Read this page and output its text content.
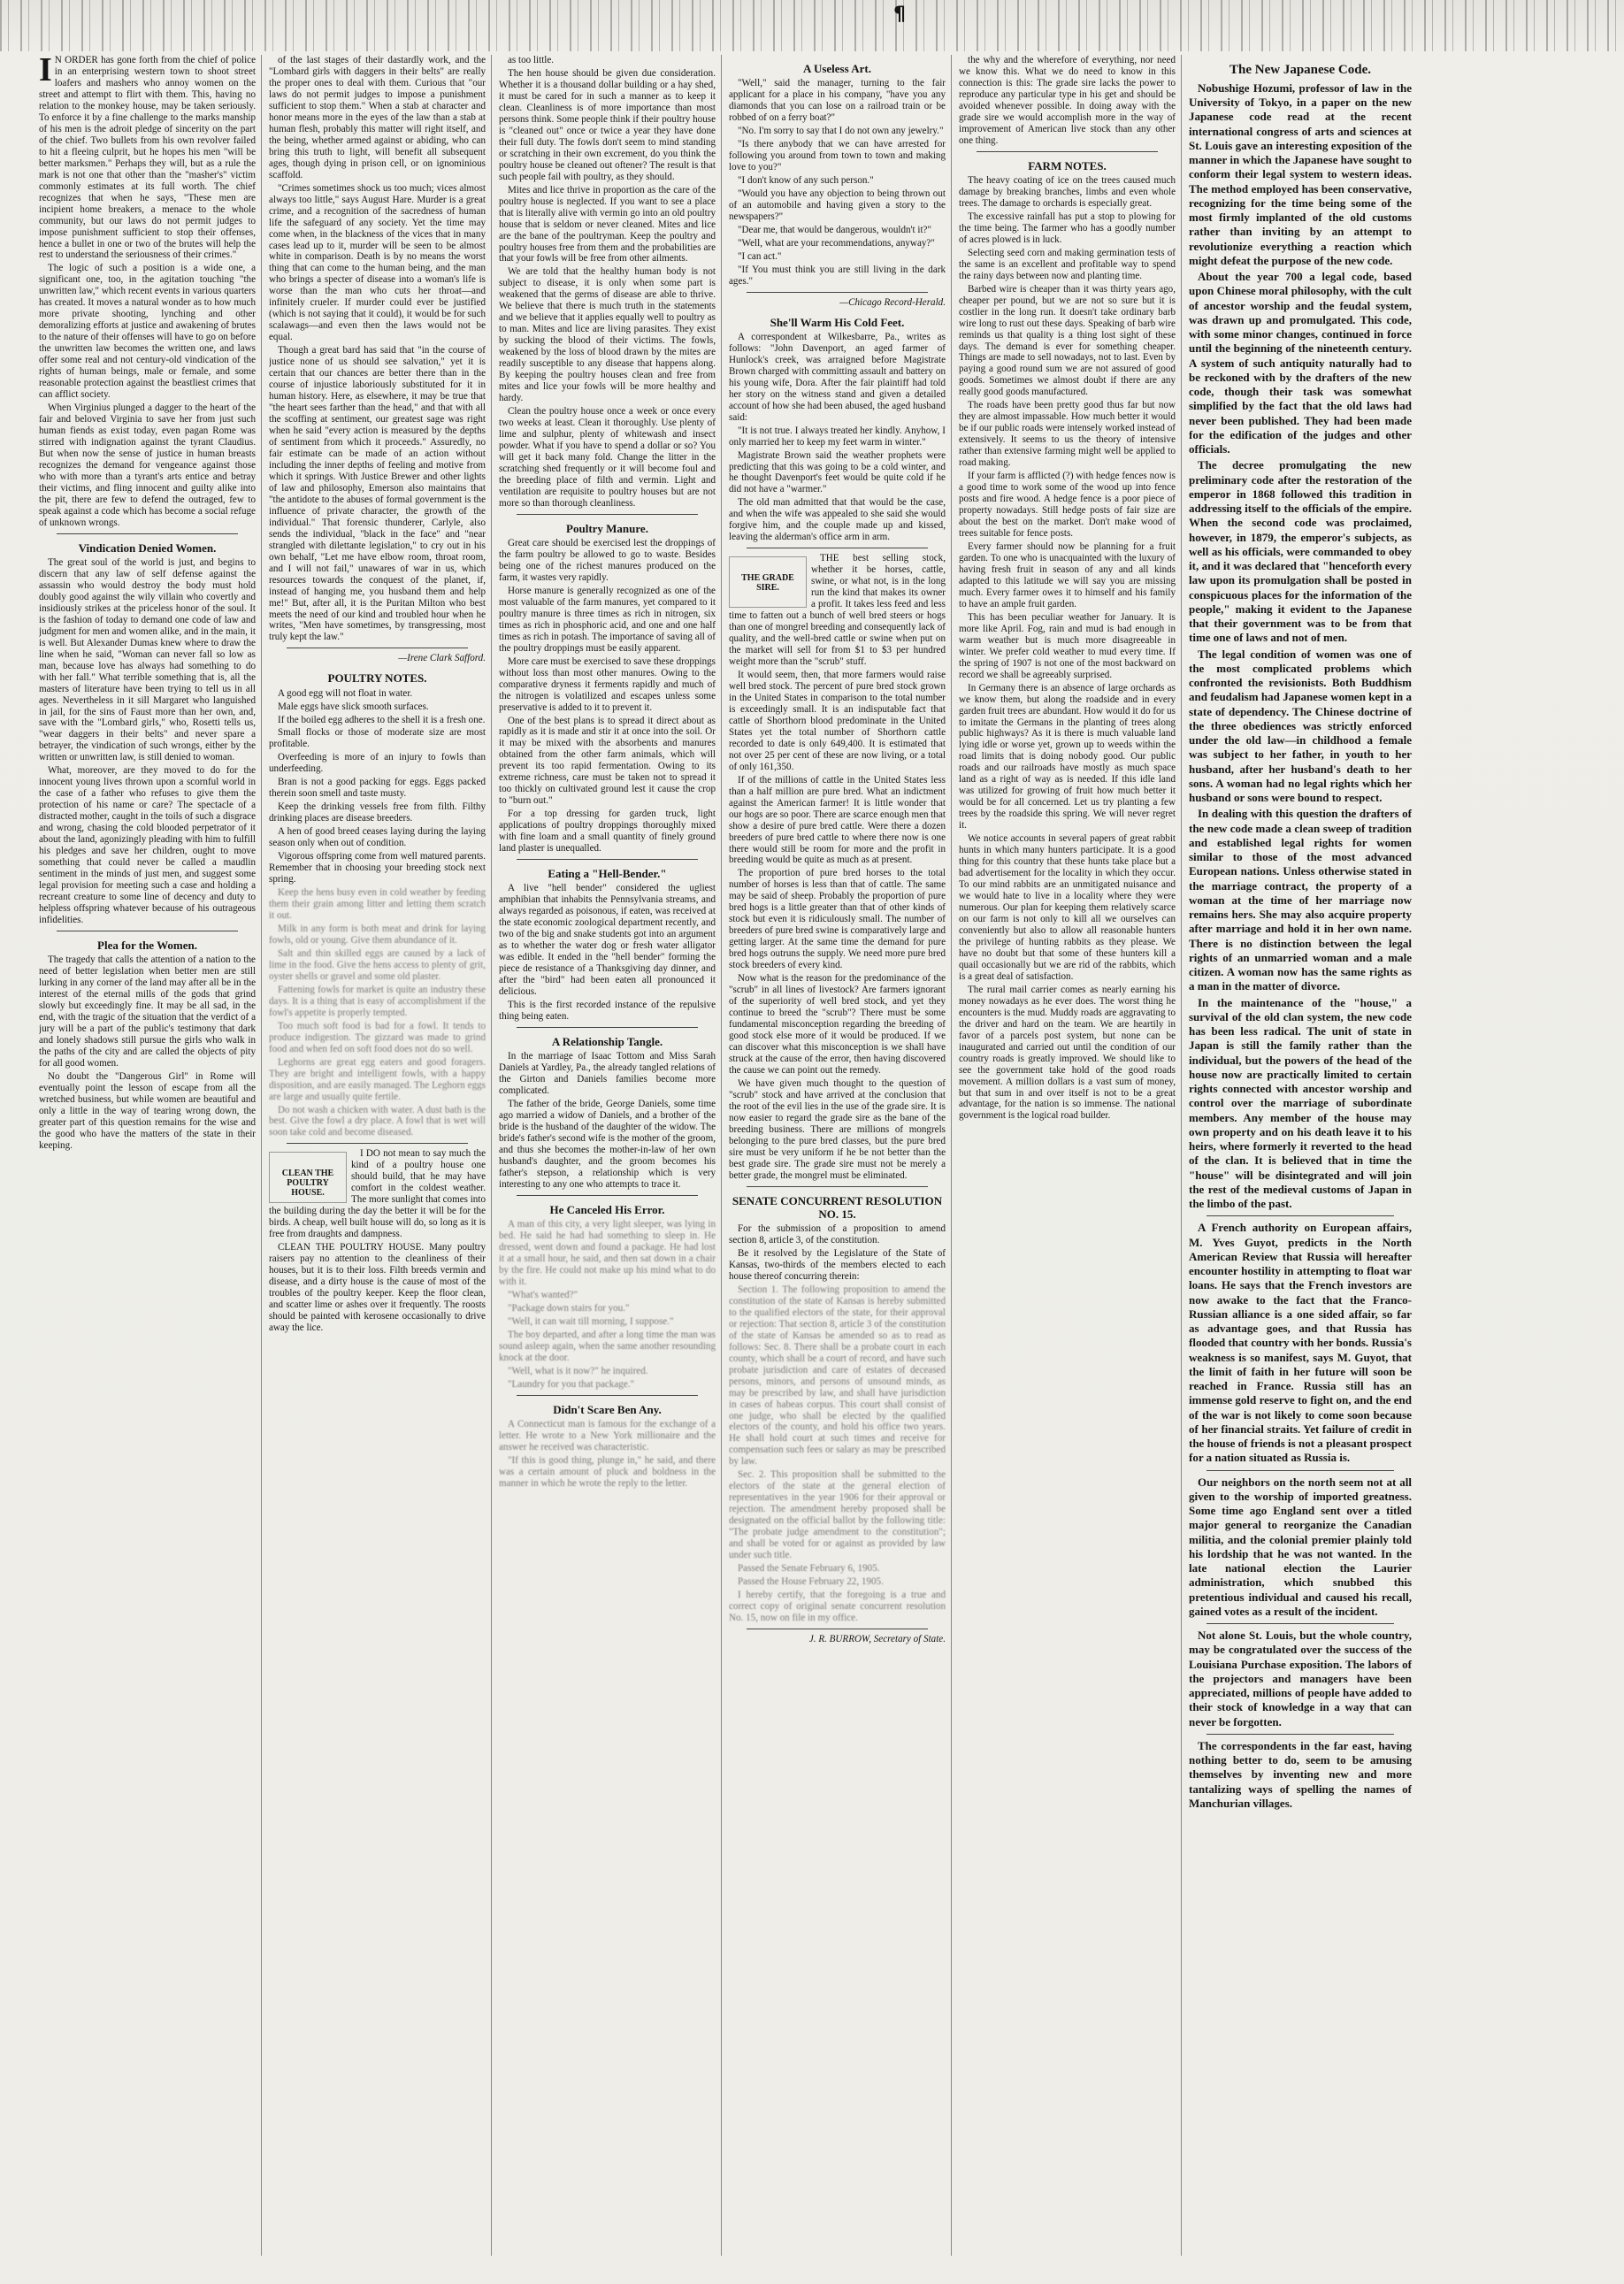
¶

I N ORDER has gone forth from the chief of police in an enterprising western town to shoot street loafers and mashers who annoy women on the street and attempt to flirt with them. This, having no relation to the monkey house, may be taken seriously. To enforce it by a fine challenge to the marks manship of his men is the adroit pledge of sincerity on the part of the chief. Two bullets from his own revolver failed to hit a fleeing culprit, but he hopes his men "will be better marksmen." Perhaps they will, but as a rule the mark is not one that other than the "masher's" victim commonly estimates at its full worth. The chief recognizes that when he says, "These men are incipient home breakers, a menace to the whole community, but our laws do not permit judges to impose punishment sufficient to stop their offenses, hence a bullet in one or two of the brutes will help the rest to understand the seriousness of their crimes."

The logic of such a position is a wide one, a significant one, too, in the agitation touching "the unwritten law," which recent events in various quarters has created. It moves a natural wonder as to how much more private shooting, lynching and other demoralizing efforts at justice and awakening of brutes to the nature of their offenses will have to go on before the unwritten law becomes the written one, and laws offer some real and not century-old vindication of the rights of human beings, male or female, and some reasonable protection against the beastliest crimes that can afflict society.

When Virginius plunged a dagger to the heart of the fair and beloved Virginia to save her from just such human fiends as exist today, even pagan Rome was stirred with indignation against the tyrant Claudius. But when now the sense of justice in human breasts recognizes the demand for vengeance against those who with more than a tyrant's arts entice and betray their victims, and fling innocent and guilty alike into the pit, there are few to defend the outraged, few to speak against a code which has become a social refuge of unknown wrongs.

Vindication Denied Women.

The great soul of the world is just, and begins to discern that any law of self defense against the assassin who would destroy the body must hold doubly good against the wily villain who covertly and insidiously strikes at the priceless honor of the soul. It is the fashion of today to demand one code of law and judgment for men and women alike, and in the main, it is well. But Alexander Dumas knew where to draw the line when he said, "Woman can never fall so low as man, because love has always had something to do with her fall." What terrible something that is, all the masters of literature have been trying to tell us in all ages. Nevertheless in it sill Margaret who languished in jail, for the sins of Faust more than her own, and, save with the "Lombard girls," who, Rosetti tells us, "wear daggers in their belts" and never spare a betrayer, the vindication of such wrongs, either by the written or unwritten law, is still denied to woman.

What, moreover, are they moved to do for the innocent young lives thrown upon a scornful world in the case of a father who refuses to give them the protection of his name or care? The spectacle of a distracted mother, caught in the toils of such a disgrace and wrong, chasing the cold blooded perpetrator of it about the land, agonizingly pleading with him to fulfill his pledges and save her children, ought to move something that could never be called a maudlin sentiment in the minds of just men, and suggest some legal provision for meeting such a case and holding a recreant creature to some line of decency and duty to helpless offspring whatever because of his outrageous infidelities.

Plea for the Women.

The tragedy that calls the attention of a nation to the need of better legislation when better men are still lurking in any corner of the land may after all be in the interest of the eternal mills of the gods that grind slowly but exceedingly fine. It may be all sad, in the end, with the tragic of the situation that the verdict of a jury will be a part of the public's testimony that dark and lonely shadows still pursue the girls who walk in the paths of the city and are called the objects of pity for all good women.

No doubt the "Dangerous Girl" in Rome will eventually point the lesson of escape from all the wretched business, but while women are beautiful and only a little in the way of tearing wrong down, the greater part of this question remains for the wise and the good who have the matters of the state in their keeping.

of the last stages of their dastardly work, and the "Lombard girls with daggers in their belts" are really the proper ones to deal with them. Curious that "our laws do not permit judges to impose a punishment sufficient to stop them." When a stab at character and honor means more in the eyes of the law than a stab at human flesh, probably this matter will right itself, and the being, whether armed against or abiding, who can bring this truth to light, will benefit all subsequent ages, though dying in prison cell, or on ignominious scaffold.

"Crimes sometimes shock us too much; vices almost always too little," says August Hare. Murder is a great crime, and a recognition of the sacredness of human life the safeguard of any society. Yet the time may come when, in the blackness of the vices that in many cases lead up to it, murder will be seen to be almost white in comparison. Death is by no means the worst thing that can come to the human being, and the man who brings a specter of disease into a woman's life is worse than the man who cuts her throat—and infinitely crueler. If murder could ever be justified (which is not saying that it could), it would be for such scalawags—and even then the laws would not be equal.

Though a great bard has said that "in the course of justice none of us should see salvation," yet it is certain that our chances are better there than in the course of injustice laboriously substituted for it in human history. Here, as elsewhere, it may be true that "the heart sees farther than the head," and that with all the scoffing at sentiment, our greatest sage was right when he said "every action is measured by the depths of sentiment from which it proceeds." Assuredly, no fair estimate can be made of an action without including the inner depths of feeling and motive from which it springs. With Justice Brewer and other lights of law and philosophy, Emerson also maintains that "the antidote to the abuses of formal government is the influence of private character, the growth of the individual." That forensic thunderer, Carlyle, also sends the individual, "black in the face" and "near strangled with dilettante legislation," to cry out in his own behalf, "Let me have elbow room, throat room, and I will not fail," unawares of war in us, which resources towards the conquest of the planet, if, instead of hanging me, you husband them and help me!" But, after all, it is the Puritan Milton who best meets the need of our kind and troubled hour when he writes, "Men have sometimes, by transgressing, most truly kept the law."

—Irene Clark Safford.
POULTRY NOTES.

A good egg will not float in water.

Male eggs have slick smooth surfaces.

If the boiled egg adheres to the shell it is a fresh one.

Small flocks or those of moderate size are most profitable.

Overfeeding is more of an injury to fowls than underfeeding.

Bran is not a good packing for eggs. Eggs packed therein soon smell and taste musty.

Keep the drinking vessels free from filth. Filthy drinking places are disease breeders.

A hen of good breed ceases laying during the laying season only when out of condition.

Vigorous offspring come from well matured parents. Remember that in choosing your breeding stock next spring.

Keep the hens busy even in cold weather by feeding them their grain among litter and letting them scratch it out.

Milk in any form is both meat and drink for laying fowls, old or young. Give them abundance of it.

Salt and thin skilled eggs are caused by a lack of lime in the food. Give the hens access to plenty of grit, oyster shells or gravel and some old plaster.

Fattening fowls for market is quite an industry these days. It is a thing that is easy of accomplishment if the fowl's appetite is properly tempted.

Too much soft food is bad for a fowl. It tends to produce indigestion. The gizzard was made to grind food and when fed on soft food does not do so well.

Leghorns are great egg eaters and good foragers. They are bright and intelligent fowls, with a happy disposition, and are easily managed. The Leghorn eggs are large and usually quite fertile.

Do not wash a chicken with water. A dust bath is the best. Give the fowl a dry place. A fowl that is wet will soon take cold and become diseased.

CLEAN THE POULTRY HOUSE.

I DO not mean to say much the kind of a poultry house one should build, that he may have comfort in the coldest weather. The more sunlight that comes into the building during the day the better it will be for the birds. A cheap, well built house will do, so long as it is free from draughts and dampness.

CLEAN THE POULTRY HOUSE. Many poultry raisers pay no attention to the cleanliness of their houses, but it is to their loss. Filth breeds vermin and disease, and a dirty house is the cause of most of the troubles of the poultry keeper. Keep the floor clean, and scatter lime or ashes over it frequently. The roosts should be painted with kerosene occasionally to drive away the lice.

as too little.

The hen house should be given due consideration. Whether it is a thousand dollar building or a hay shed, it must be cared for in such a manner as to keep it clean. Cleanliness is of more importance than most persons think. Some people think if their poultry house is "cleaned out" once or twice a year they have done their full duty. The fowls don't seem to mind standing or scratching in their own excrement, do you think the poultry house be cleaned out oftener? The result is that such people fail with poultry, as they should.

Mites and lice thrive in proportion as the care of the poultry house is neglected. If you want to see a place that is literally alive with vermin go into an old poultry house that is seldom or never cleaned. Mites and lice are the bane of the poultryman. Keep the poultry and poultry houses free from them and the probabilities are that your fowls will be free from other ailments.

We are told that the healthy human body is not subject to disease, it is only when some part is weakened that the germs of disease are able to thrive. We believe that there is much truth in the statements and we believe that it applies equally well to poultry as to man. Mites and lice are living parasites. They exist by sucking the blood of their victims. The fowls, weakened by the loss of blood drawn by the mites are readily susceptible to any disease that happens along. By keeping the poultry houses clean and free from mites and lice your fowls will be more healthy and hardy.

Clean the poultry house once a week or once every two weeks at least. Clean it thoroughly. Use plenty of lime and sulphur, plenty of whitewash and insect powder. What if you have to spend a dollar or so? You will get it back many fold. Change the litter in the scratching shed frequently or it will become foul and the breeding place of filth and vermin. Light and ventilation are requisite to poultry houses but are not more so than thorough cleanliness.

Poultry Manure.

Great care should be exercised lest the droppings of the farm poultry be allowed to go to waste. Besides being one of the richest manures produced on the farm, it wastes very rapidly.

Horse manure is generally recognized as one of the most valuable of the farm manures, yet compared to it poultry manure is three times as rich in nitrogen, six times as rich in phosphoric acid, and one and one half times as rich in potash. The importance of saving all of the poultry droppings must be easily apparent.

More care must be exercised to save these droppings without loss than most other manures. Owing to the comparative dryness it ferments rapidly and much of the nitrogen is volatilized and escapes unless some preservative is added to it to prevent it.

One of the best plans is to spread it direct about as rapidly as it is made and stir it at once into the soil. Or it may be mixed with the absorbents and manures obtained from the other farm animals, which will prevent its too rapid fermentation. Owing to its extreme richness, care must be taken not to spread it too thickly on cultivated ground lest it cause the crop to "burn out."

For a top dressing for garden truck, light applications of poultry droppings thoroughly mixed with fine loam and a small quantity of finely ground land plaster is unequalled.

Eating a "Hell-Bender."

A live "hell bender" considered the ugliest amphibian that inhabits the Pennsylvania streams, and always regarded as poisonous, if eaten, was received at the state economic zoological department recently, and two of the big and snake students got into an argument as to whether the water dog or fresh water alligator was edible. It ended in the "hell bender" forming the piece de resistance of a Thanksgiving day dinner, and after the "bird" had been eaten all pronounced it delicious.

This is the first recorded instance of the repulsive thing being eaten.

A Relationship Tangle.

In the marriage of Isaac Tottom and Miss Sarah Daniels at Yardley, Pa., the already tangled relations of the Girton and Daniels families become more complicated.

The father of the bride, George Daniels, some time ago married a widow of Daniels, and a brother of the bride is the husband of the daughter of the widow. The bride's father's second wife is the mother of the groom, and thus she becomes the mother-in-law of her own husband's daughter, and the groom becomes his father's stepson, a relationship which is very interesting to any one who attempts to trace it.

He Canceled His Error.

A man of this city, a very light sleeper, was lying in bed. He said he had had something to sleep in. He dressed, went down and found a package. He had lost it at a small hour, he said, and then sat down in a chair by the fire. He could not make up his mind what to do with it.

"What's wanted?"

"Package down stairs for you."

"Well, it can wait till morning, I suppose."

The boy departed, and after a long time the man was sound asleep again, when the same another resounding knock at the door.

"Well, what is it now?" he inquired.

"Laundry for you that package."

Didn't Scare Ben Any.

A Connecticut man is famous for the exchange of a letter. He wrote to a New York millionaire and the answer he received was characteristic.

"If this is good thing, plunge in," he said, and there was a certain amount of pluck and boldness in the manner in which he wrote the reply to the letter.

A Useless Art.

"Well," said the manager, turning to the fair applicant for a place in his company, "have you any diamonds that you can lose on a railroad train or be robbed of on a ferry boat?"

"No. I'm sorry to say that I do not own any jewelry."

"Is there anybody that we can have arrested for following you around from town to town and making love to you?"

"I don't know of any such person."

"Would you have any objection to being thrown out of an automobile and having given a story to the newspapers?"

"Dear me, that would be dangerous, wouldn't it?"

"Well, what are your recommendations, anyway?"

"I can act."

"If You must think you are still living in the dark ages."

—Chicago Record-Herald.
She'll Warm His Cold Feet.

A correspondent at Wilkesbarre, Pa., writes as follows: "John Davenport, an aged farmer of Hunlock's creek, was arraigned before Magistrate Brown charged with committing assault and battery on his young wife, Dora. After the fair plaintiff had told her story on the witness stand and given a detailed account of how she had been abused, the aged husband said:

"It is not true. I always treated her kindly. Anyhow, I only married her to keep my feet warm in winter."

Magistrate Brown said the weather prophets were predicting that this was going to be a cold winter, and he thought Davenport's feet would be quite cold if he did not have a "warmer."

The old man admitted that that would be the case, and when the wife was appealed to she said she would forgive him, and the couple made up and kissed, leaving the alderman's office arm in arm.

THE GRADE SIRE.

THE best selling stock, whether it be horses, cattle, swine, or what not, is in the long run the kind that makes its owner a profit. It takes less feed and less time to fatten out a bunch of well bred steers or hogs than one of mongrel breeding and consequently lack of quality, and the well-bred cattle or swine when put on the market will sell for from $1 to $3 per hundred weight more than the "scrub" stuff.

It would seem, then, that more farmers would raise well bred stock. The percent of pure bred stock grown in the United States in comparison to the total number is exceedingly small. It is an indisputable fact that cattle of Shorthorn blood predominate in the United States yet the total number of Shorthorn cattle recorded to date is only 649,400. It is estimated that not over 25 per cent of these are now living, or a total of only 161,350.

If of the millions of cattle in the United States less than a half million are pure bred. What an indictment against the American farmer! It is little wonder that our hogs are so poor. There are scarce enough men that show a desire of pure bred cattle. Were there a dozen breeders of pure bred cattle to where there now is one there would still be room for more and the profit in breeding would be quite as much as at present.

The proportion of pure bred horses to the total number of horses is less than that of cattle. The same may be said of sheep. Probably the proportion of pure bred hogs is a little greater than that of other kinds of stock but even it is ridiculously small. The number of breeders of pure bred swine is comparatively large and getting larger. At the same time the demand for pure bred hogs outruns the supply. We need more pure bred stock breeders of every kind.

Now what is the reason for the predominance of the "scrub" in all lines of livestock? Are farmers ignorant of the superiority of well bred stock, and yet they continue to breed the "scrub"? There must be some fundamental misconception regarding the breeding of good stock else more of it would be produced. If we can discover what this misconception is we shall have struck at the cause of the error, then having discovered the cause we can point out the remedy.

We have given much thought to the question of "scrub" stock and have arrived at the conclusion that the root of the evil lies in the use of the grade sire. It is now easier to regard the grade sire as the bane of the breeding business. There are millions of mongrels belonging to the pure bred classes, but the pure bred sire must be very uniform if he be not better than the best grade sire. The grade sire must not be merely a better grade, the mongrel must be eliminated.

SENATE CONCURRENT RESOLUTION NO. 15.

For the submission of a proposition to amend section 8, article 3, of the constitution.

Be it resolved by the Legislature of the State of Kansas, two-thirds of the members elected to each house thereof concurring therein:

Section 1. The following proposition to amend the constitution of the state of Kansas is hereby submitted to the qualified electors of the state, for their approval or rejection: That section 8, article 3 of the constitution of the state of Kansas be amended so as to read as follows: Sec. 8. There shall be a probate court in each county, which shall be a court of record, and have such probate jurisdiction and care of estates of deceased persons, minors, and persons of unsound minds, as may be prescribed by law, and shall have jurisdiction in cases of habeas corpus. This court shall consist of one judge, who shall be elected by the qualified electors of the county, and hold his office two years. He shall hold court at such times and receive for compensation such fees or salary as may be prescribed by law.

Sec. 2. This proposition shall be submitted to the electors of the state at the general election of representatives in the year 1906 for their approval or rejection. The amendment hereby proposed shall be designated on the official ballot by the following title: "The probate judge amendment to the constitution"; and shall be voted for or against as provided by law under such title.

Passed the Senate February 6, 1905.

Passed the House February 22, 1905.

I hereby certify, that the foregoing is a true and correct copy of original senate concurrent resolution No. 15, now on file in my office.

J. R. BURROW, Secretary of State.

the why and the wherefore of everything, nor need we know this. What we do need to know in this connection is this: The grade sire lacks the power to reproduce any particular type in his get and should be avoided whenever possible. In doing away with the grade sire we would accomplish more in the way of improvement of American live stock than any other one thing.

FARM NOTES.

The heavy coating of ice on the trees caused much damage by breaking branches, limbs and even whole trees. The damage to orchards is especially great.

The excessive rainfall has put a stop to plowing for the time being. The farmer who has a goodly number of acres plowed is in luck.

Selecting seed corn and making germination tests of the same is an excellent and profitable way to spend the rainy days between now and planting time.

Barbed wire is cheaper than it was thirty years ago, cheaper per pound, but we are not so sure but it is costlier in the long run. It doesn't take ordinary barb wire long to rust out these days. Speaking of barb wire reminds us that quality is a thing lost sight of these days. The demand is ever for something cheaper. Things are made to sell nowadays, not to last. Even by paying a good round sum we are not assured of good goods. Sometimes we almost doubt if there are any really good goods manufactured.

The roads have been pretty good thus far but now they are almost impassable. How much better it would be if our public roads were intensely worked instead of extensively. It seems to us the theory of intensive rather than extensive farming might well be applied to road making.

If your farm is afflicted (?) with hedge fences now is a good time to work some of the wood up into fence posts and fire wood. A hedge fence is a poor piece of property nowadays. Still hedge posts of fair size are about the best on the market. Don't make wood of trees suitable for fence posts.

Every farmer should now be planning for a fruit garden. To one who is unacquainted with the luxury of having fresh fruit in season of any and all kinds adapted to this latitude we will say you are missing much. Every farmer owes it to himself and his family to have an ample fruit garden.

This has been peculiar weather for January. It is more like April. Fog, rain and mud is bad enough in warm weather but is much more disagreeable in winter. We prefer cold weather to mud every time. If the spring of 1907 is not one of the most backward on record we shall be agreeably surprised.

In Germany there is an absence of large orchards as we know them, but along the roadside and in every garden fruit trees are abundant. How would it do for us to imitate the Germans in the planting of trees along public highways? As it is there is much valuable land lying idle or worse yet, grown up to weeds within the road limits that is doing nobody good. Our public roads and our railroads have mostly as much space land as a right of way as is needed. If this idle land was utilized for growing of fruit how much better it would be for all concerned. Let us try planting a few trees by the roadside this spring. We will never regret it.

We notice accounts in several papers of great rabbit hunts in which many hunters participate. It is a good thing for this country that these hunts take place but a bad advertisement for the locality in which they occur. To our mind rabbits are an unmitigated nuisance and we would hate to live in a locality where they were numerous. Our plan for keeping them relatively scarce on our farm is not only to kill all we ourselves can conveniently but also to allow all reasonable hunters the privilege of hunting rabbits as they please. We have no doubt but that some of these hunters kill a quail occasionally but we are rid of the rabbits, which is a great deal of satisfaction.

The rural mail carrier comes as nearly earning his money nowadays as he ever does. The worst thing he encounters is the mud. Muddy roads are aggravating to the driver and hard on the team. We are heartily in favor of a parcels post system, but none can be inaugurated and carried out until the condition of our country roads is greatly improved. We should like to see the government take hold of the good roads movement. A million dollars is a vast sum of money, but that sum in and over itself is not to be a great advantage, for the nation is so immense. The national government is the logical road builder.

The New Japanese Code.

Nobushige Hozumi, professor of law in the University of Tokyo, in a paper on the new Japanese code read at the recent international congress of arts and sciences at St. Louis gave an interesting exposition of the manner in which the Japanese have sought to conform their legal system to western ideas. The method employed has been conservative, recognizing for the time being some of the most firmly implanted of the old customs rather than inviting by an attempt to revolutionize everything a reaction which might defeat the purpose of the new code.

About the year 700 a legal code, based upon Chinese moral philosophy, with the cult of ancestor worship and the feudal system, was drawn up and promulgated. This code, with some minor changes, continued in force until the beginning of the nineteenth century. A system of such antiquity naturally had to be reckoned with by the drafters of the new code, though their task was somewhat simplified by the fact that the old laws had never been published. They had been made for the edification of the judges and other officials.

The decree promulgating the new preliminary code after the restoration of the emperor in 1868 followed this tradition in addressing itself to the officials of the empire. When the second code was proclaimed, however, in 1879, the emperor's subjects, as well as his officials, were commanded to obey it, and it was declared that "henceforth every law upon its promulgation shall be posted in conspicuous places for the information of the people," making it evident to the Japanese that their government was to be from that time one of laws and not of men.

The legal condition of women was one of the most complicated problems which confronted the revisionists. Both Buddhism and feudalism had Japanese women kept in a state of dependency. The Chinese doctrine of the three obediences was strictly enforced under the old law—in childhood a female was subject to her father, in youth to her husband, after her husband's death to her sons. A woman had no legal rights which her husband or sons were bound to respect.

In dealing with this question the drafters of the new code made a clean sweep of tradition and established legal rights for women similar to those of the most advanced European nations. Unless otherwise stated in the marriage contract, the property of a woman at the time of her marriage now remains hers. She may also acquire property after marriage and hold it in her own name. There is no distinction between the legal rights of an unmarried woman and a male citizen. A woman now has the same rights as a man in the matter of divorce.

In the maintenance of the "house," a survival of the old clan system, the new code has been less radical. The unit of state in Japan is still the family rather than the individual, but the powers of the head of the house now are practically limited to certain rights connected with ancestor worship and control over the marriage of subordinate members. Any member of the house may own property and on his death leave it to his heirs, where formerly it reverted to the head of the clan. It is believed that in time the "house" will be disintegrated and will join the rest of the medieval customs of Japan in the limbo of the past.

A French authority on European affairs, M. Yves Guyot, predicts in the North American Review that Russia will hereafter encounter hostility in attempting to float war loans. He says that the French investors are now awake to the fact that the Franco-Russian alliance is a one sided affair, so far as advantage goes, and that Russia has flooded that country with her bonds. Russia's weakness is so manifest, says M. Guyot, that the limit of faith in her future will soon be reached in France. Russia still has an immense gold reserve to fight on, and the end of the war is not likely to come soon because of her financial straits. Yet failure of credit in the house of friends is not a pleasant prospect for a nation situated as Russia is.

Our neighbors on the north seem not at all given to the worship of imported greatness. Some time ago England sent over a titled major general to reorganize the Canadian militia, and the colonial premier plainly told his lordship that he was not wanted. In the late national election the Laurier administration, which snubbed this pretentious individual and caused his recall, gained votes as a result of the incident.

Not alone St. Louis, but the whole country, may be congratulated over the success of the Louisiana Purchase exposition. The labors of the projectors and managers have been appreciated, millions of people have added to their stock of knowledge in a way that can never be forgotten.

The correspondents in the far east, having nothing better to do, seem to be amusing themselves by inventing new and more tantalizing ways of spelling the names of Manchurian villages.
